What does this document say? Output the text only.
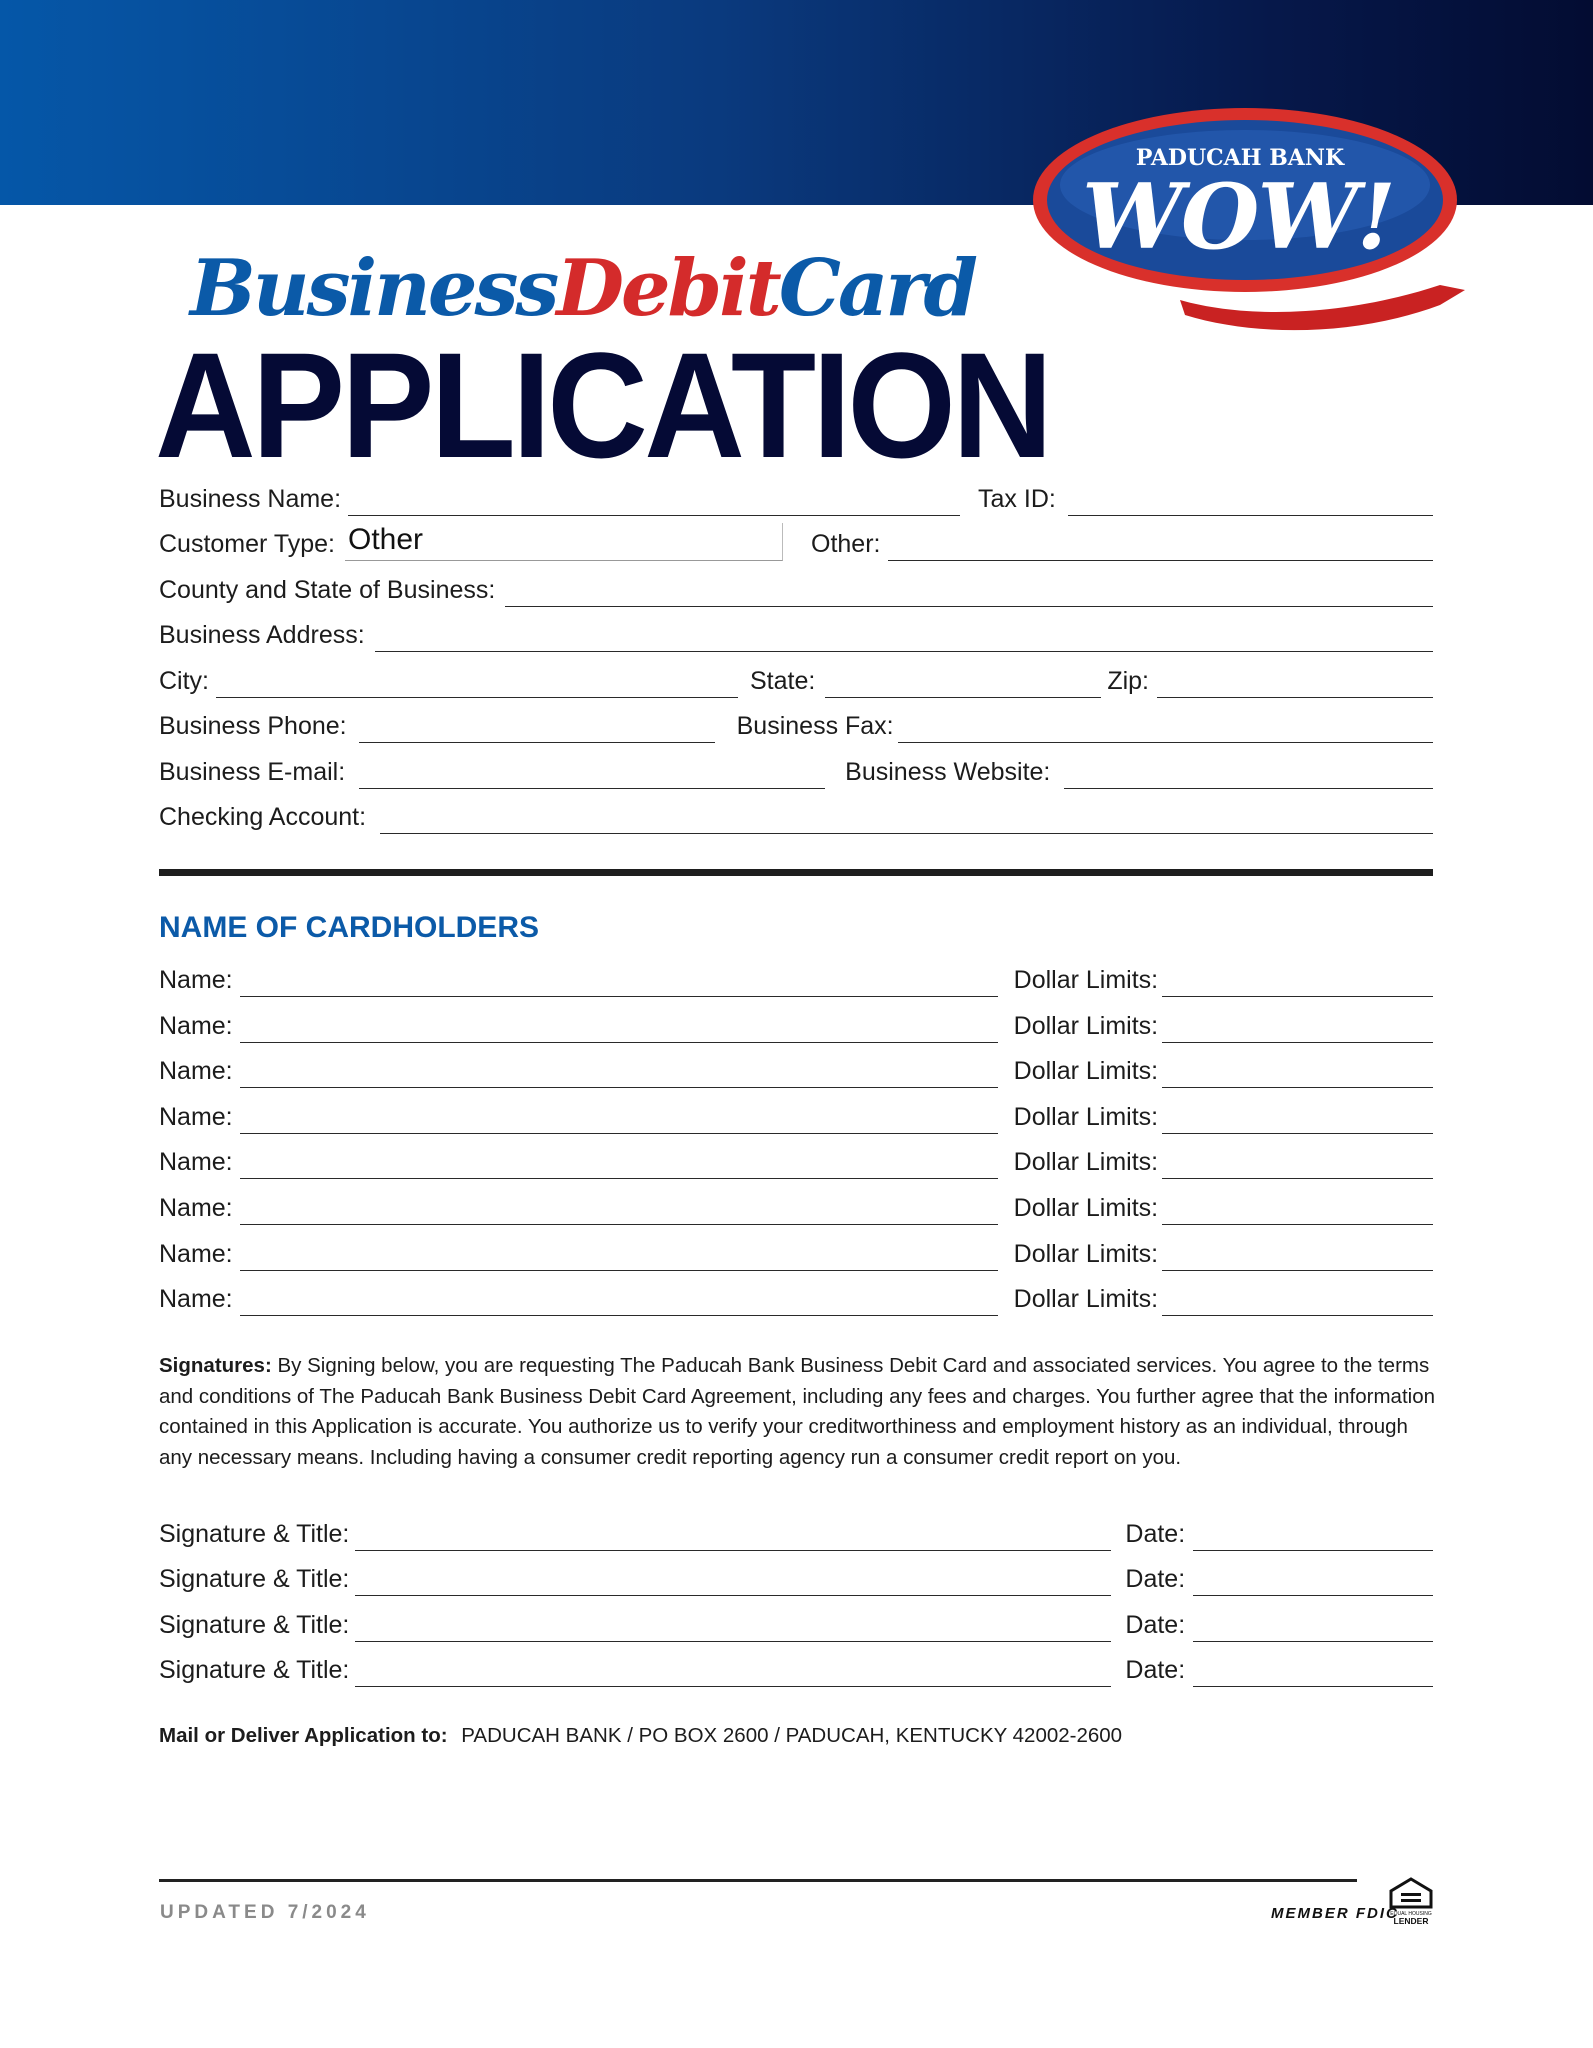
PADUCAH BANK
WOW!
BusinessDebitCard
APPLICATION
Business Name:	Tax ID:
Customer Type: Other	Other:
County and State of Business:
Business Address:
City:	State:	Zip:
Business Phone:	Business Fax:
Business E-mail:	Business Website:
Checking Account:
NAME OF CARDHOLDERS
Name:	Dollar Limits:
Name:	Dollar Limits:
Name:	Dollar Limits:
Name:	Dollar Limits:
Name:	Dollar Limits:
Name:	Dollar Limits:
Name:	Dollar Limits:
Name:	Dollar Limits:
Signatures: By Signing below, you are requesting The Paducah Bank Business Debit Card and associated services. You agree to the terms and conditions of The Paducah Bank Business Debit Card Agreement, including any fees and charges. You further agree that the information contained in this Application is accurate. You authorize us to verify your creditworthiness and employment history as an individual, through any necessary means. Including having a consumer credit reporting agency run a consumer credit report on you.
Signature & Title:	Date:
Signature & Title:	Date:
Signature & Title:	Date:
Signature & Title:	Date:
Mail or Deliver Application to: PADUCAH BANK / PO BOX 2600 / PADUCAH, KENTUCKY 42002-2600
UPDATED 7/2024	MEMBER FDIC
EQUAL HOUSING
LENDER
